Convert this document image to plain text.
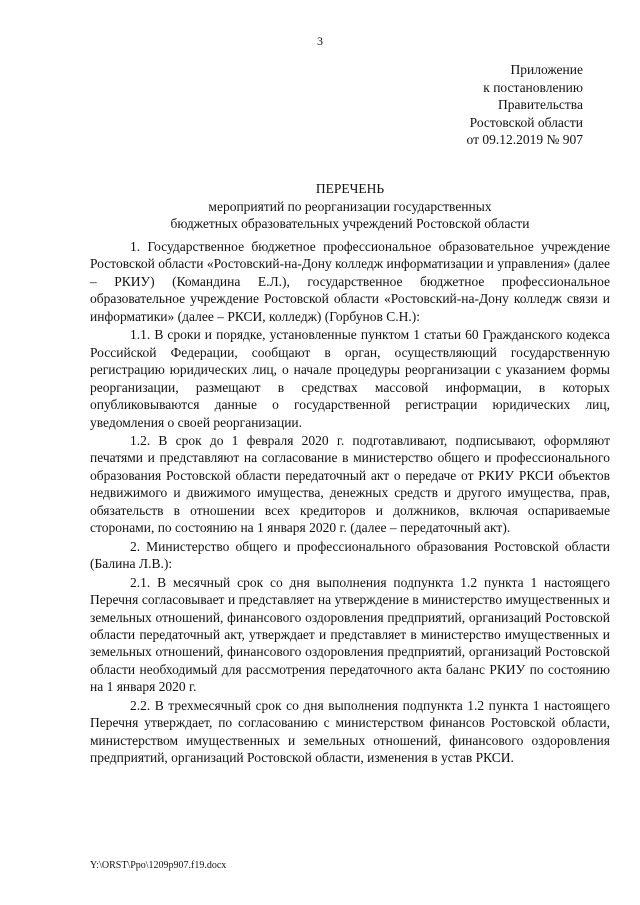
3
Приложение
к постановлению
Правительства
Ростовской области
от 09.12.2019 № 907
ПЕРЕЧЕНЬ
мероприятий по реорганизации государственных
бюджетных образовательных учреждений Ростовской области

1. Государственное бюджетное профессиональное образовательное учреждение Ростовской области «Ростовский-на-Дону колледж информатизации и управления» (далее – РКИУ) (Командина Е.Л.), государственное бюджетное профессиональное образовательное учреждение Ростовской области «Ростовский-на-Дону колледж связи и информатики» (далее – РКСИ, колледж) (Горбунов С.Н.):

1.1. В сроки и порядке, установленные пунктом 1 статьи 60 Гражданского кодекса Российской Федерации, сообщают в орган, осуществляющий государственную регистрацию юридических лиц, о начале процедуры реорганизации с указанием формы реорганизации, размещают в средствах массовой информации, в которых опубликовываются данные о государственной регистрации юридических лиц, уведомления о своей реорганизации.

1.2. В срок до 1 февраля 2020 г. подготавливают, подписывают, оформляют печатями и представляют на согласование в министерство общего и профессионального образования Ростовской области передаточный акт о передаче от РКИУ РКСИ объектов недвижимого и движимого имущества, денежных средств и другого имущества, прав, обязательств в отношении всех кредиторов и должников, включая оспариваемые сторонами, по состоянию на 1 января 2020 г. (далее – передаточный акт).

2. Министерство общего и профессионального образования Ростовской области (Балина Л.В.):

2.1. В месячный срок со дня выполнения подпункта 1.2 пункта 1 настоящего Перечня согласовывает и представляет на утверждение в министерство имущественных и земельных отношений, финансового оздоровления предприятий, организаций Ростовской области передаточный акт, утверждает и представляет в министерство имущественных и земельных отношений, финансового оздоровления предприятий, организаций Ростовской области необходимый для рассмотрения передаточного акта баланс РКИУ по состоянию на 1 января 2020 г.

2.2. В трехмесячный срок со дня выполнения подпункта 1.2 пункта 1 настоящего Перечня утверждает, по согласованию с министерством финансов Ростовской области, министерством имущественных и земельных отношений, финансового оздоровления предприятий, организаций Ростовской области, изменения в устав РКСИ.

Y:\ORST\Ppo\1209p907.f19.docx
